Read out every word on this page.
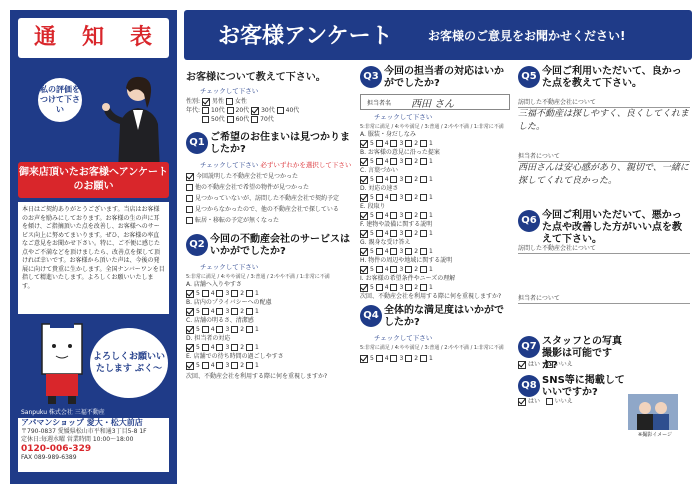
通 知 表
私の評価をつけて下さい
御来店頂いたお客様へアンケートのお願い
本日はご契約ありがとうございます。当店はお客様のお声を励みにしております。お客様の生の声に耳を傾け、ご指摘頂いた点を改善し、お客様へのサービス向上に努めてまいります。ぜひ、お客様の率直なご意見をお聞かせ下さい。特に、ご不便に感じた点やご不満などを頂けましたら、改善点を探して頂ければ幸いです。お客様から頂いた声は、今後の発展に向けて貴重に生かします。全国ナンバーワンを目指して精進いたします。よろしくお願いいたします。
よろしくお願いいたします ぶく〜
Sanpuku 株式会社 三福不動産
アパマンショップ 愛大・松大前店
〒790-0837 愛媛県松山市平和通3丁目5-8 1F
定休日:毎週水曜 営業時間 10:00〜18:00
0120-006-329
FAX 089-989-6389
お客様アンケート	お客様のご意見をお聞かせください!
お客様について教えて下さい。
チェックして下さい
性別: 男性 女性
年代: 10代 20代 30代 40代
50代 60代 70代
Q1 ご希望のお住まいは見つかりましたか?
チェックして下さい 必ずいずれかを選択して下さい
今回説明した不動産会社で見つかった
他の不動産会社で希望の物件が見つかった
見つかっていないが、訪問した不動産会社で契約予定
見つからなかったので、他の不動産会社で探している
転居・移転の予定が無くなった
Q2 今回の不動産会社のサービスはいかがでしたか?
チェックして下さい
5:非常に満足 / 4:やや満足 / 3:普通 / 2:やや不満 / 1:非常に不満
A. 店舗へ入りやすさ
5 4 3 2 1
B. 店内のプライバシーへの配慮
5 4 3 2 1
C. 店舗の明るさ、清潔感
5 4 3 2 1
D. 担当者の対応
5 4 3 2 1
E. 店舗での待ち時間の過ごしやすさ
5 4 3 2 1
次回、不動産会社を利用する際に何を重視しますか?
Q3 今回の担当者の対応はいかがでしたか?
担当者名 西田 さん
チェックして下さい
5:非常に満足 / 4:やや満足 / 3:普通 / 2:やや不満 / 1:非常に不満
A. 服装・身だしなみ
5 4 3 2 1
B. お客様の意見に沿った提案
5 4 3 2 1
C. 言葉づかい
5 4 3 2 1
D. 対応の速さ
5 4 3 2 1
E. 段取り
5 4 3 2 1
F. 建物や設備に関する説明
5 4 3 2 1
G. 親身な受け答え
5 4 3 2 1
H. 物件の周辺や地域に関する説明
5 4 3 2 1
I. お客様の希望条件やニーズの理解
5 4 3 2 1
次回、不動産会社を利用する際に何を重視しますか?
Q4 全体的な満足度はいかがでしたか?
チェックして下さい
5:非常に満足 / 4:やや満足 / 3:普通 / 2:やや不満 / 1:非常に不満
5 4 3 2 1
Q5 今回ご利用いただいて、良かった点を教えて下さい。
訪問した不動産会社について
三福不動産は探しやすく、良くしてくれました。
担当者について
西田さんは安心感があり、親切で、一緒に探してくれて良かった。
Q6 今回ご利用いただいて、悪かった点や改善した方がいい点を教えて下さい。
訪問した不動産会社について
担当者について
Q7 スタッフとの写真撮影は可能ですか?
はい いいえ
※撮影イメージ
Q8 SNS等に掲載していいですか?
はい いいえ
